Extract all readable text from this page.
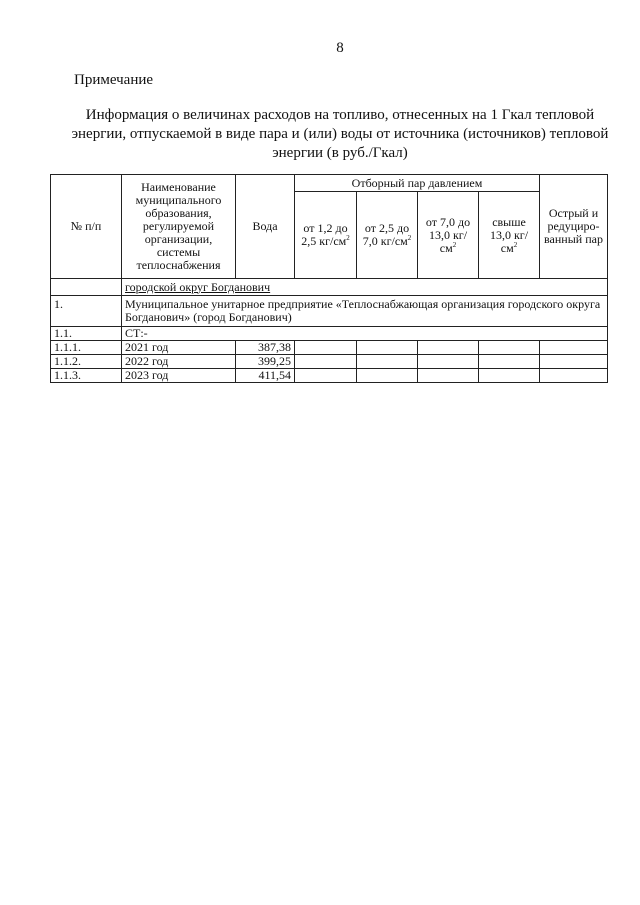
8
Примечание
Информация о величинах расходов на топливо, отнесенных на 1 Гкал тепловой энергии, отпускаемой в виде пара и (или) воды от источника (источников) тепловой энергии (в руб./Гкал)
№ п/п	Наименование муниципального образования, регулируемой организации, системы теплоснабжения	Вода	Отборный пар давлением				Острый и редуциро-ванный пар
			от 1,2 до 2,5 $кг/см^2$	от 2,5 до 7,0 $кг/см^2$	от 7,0 до 13,0 $кг/см^2$	свыше 13,0 $кг/см^2$
	городской округ Богданович						
1.	Муниципальное унитарное предприятие «Теплоснабжающая организация городского округа Богданович» (город Богданович)						
1.1.	СТ:-						
1.1.1.	2021 год	387,38					
1.1.2.	2022 год	399,25					
1.1.3.	2023 год	411,54					
